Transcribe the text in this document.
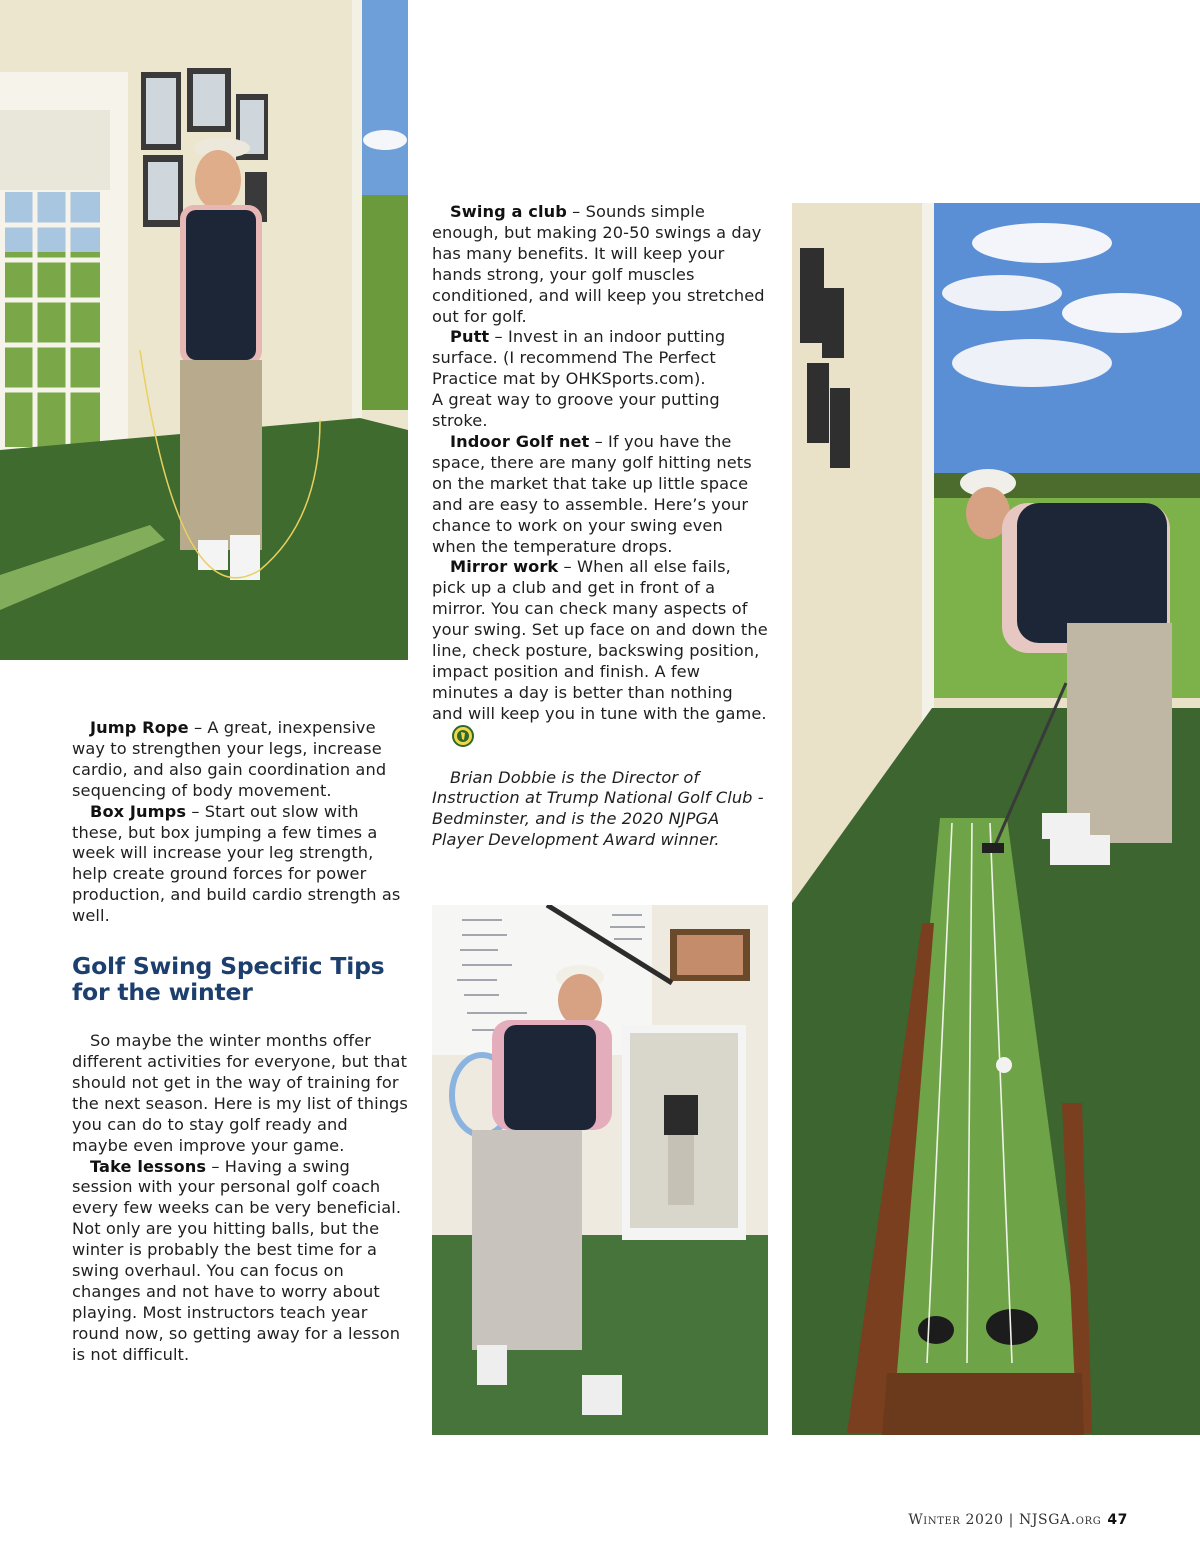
Jump Rope – A great, inexpensive way to strengthen your legs, increase cardio, and also gain coordination and sequencing of body movement.

Box Jumps – Start out slow with these, but box jumping a few times a week will increase your leg strength, help create ground forces for power production, and build cardio strength as well.

Golf Swing Specific Tips for the winter

So maybe the winter months offer different activities for everyone, but that should not get in the way of training for the next season. Here is my list of things you can do to stay golf ready and maybe even improve your game.

Take lessons – Having a swing session with your personal golf coach every few weeks can be very beneficial. Not only are you hitting balls, but the winter is probably the best time for a swing overhaul. You can focus on changes and not have to worry about playing. Most instructors teach year round now, so getting away for a lesson is not difficult.

Swing a club – Sounds simple enough, but making 20-50 swings a day has many benefits. It will keep your hands strong, your golf muscles conditioned, and will keep you stretched out for golf.

Putt – Invest in an indoor putting surface. (I recommend The Perfect Practice mat by OHKSports.com).

A great way to groove your putting stroke.

Indoor Golf net – If you have the space, there are many golf hitting nets on the market that take up little space and are easy to assemble. Here’s your chance to work on your swing even when the temperature drops.

Mirror work – When all else fails, pick up a club and get in front of a mirror. You can check many aspects of your swing. Set up face on and down the line, check posture, backswing position, impact position and finish. A few minutes a day is better than nothing and will keep you in tune with the game.

Brian Dobbie is the Director of Instruction at Trump National Golf Club - Bedminster, and is the 2020 NJPGA Player Development Award winner.

Winter 2020 | NJSGA.org 47
